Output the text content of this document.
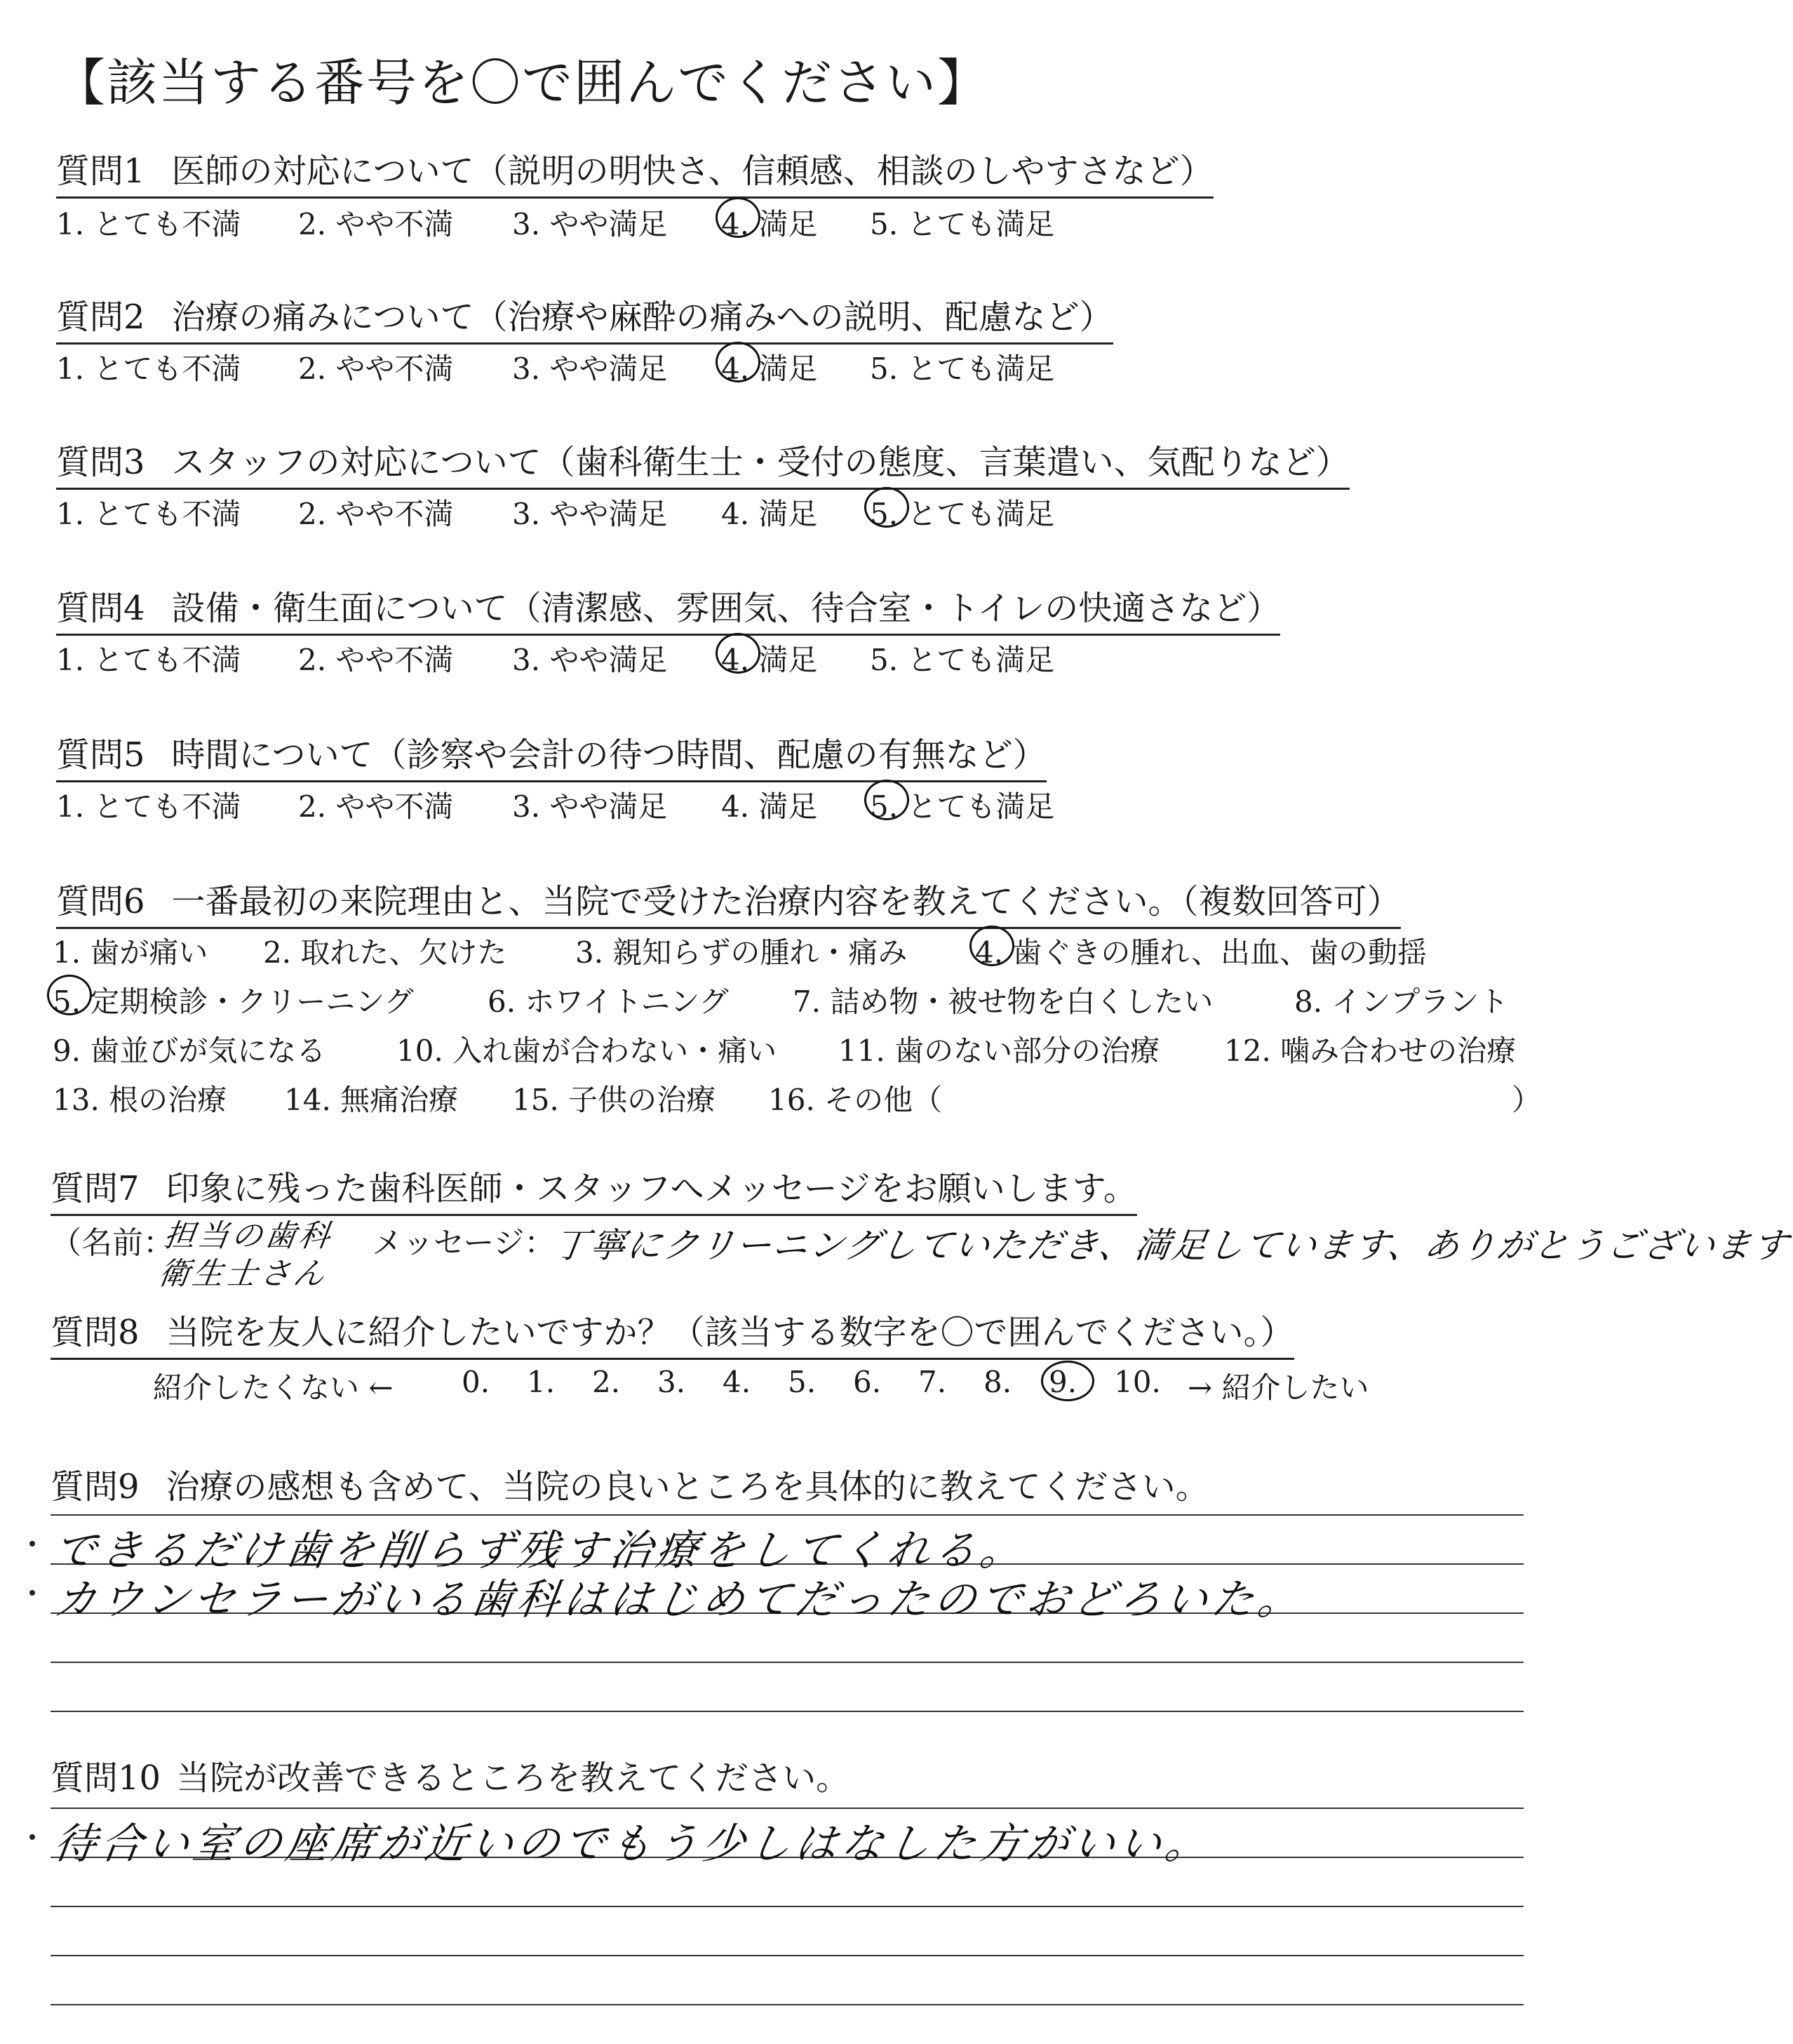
【該当する番号を〇で囲んでください】
質問1 医師の対応について（説明の明快さ、信頼感、相談のしやすさなど）
1. とても不満 2. やや不満 3. やや満足 4. 満足 5. とても満足
質問2 治療の痛みについて（治療や麻酔の痛みへの説明、配慮など）
1. とても不満 2. やや不満 3. やや満足 4. 満足 5. とても満足
質問3 スタッフの対応について（歯科衛生士・受付の態度、言葉遣い、気配りなど）
1. とても不満 2. やや不満 3. やや満足 4. 満足 5. とても満足
質問4 設備・衛生面について（清潔感、雰囲気、待合室・トイレの快適さなど）
1. とても不満 2. やや不満 3. やや満足 4. 満足 5. とても満足
質問5 時間について（診察や会計の待つ時間、配慮の有無など）
1. とても不満 2. やや不満 3. やや満足 4. 満足 5. とても満足
質問6 一番最初の来院理由と、当院で受けた治療内容を教えてください。（複数回答可）
1. 歯が痛い 2. 取れた、欠けた 3. 親知らずの腫れ・痛み 4. 歯ぐきの腫れ、出血、歯の動揺
5. 定期検診・クリーニング	6. ホワイトニング 7. 詰め物・被せ物を白くしたい	8. インプラント
9. 歯並びが気になる 10. 入れ歯が合わない・痛い 11. 歯のない部分の治療 12. 噛み合わせの治療
13. 根の治療 14. 無痛治療 15. 子供の治療 16. その他（	）
質問7 印象に残った歯科医師・スタッフへメッセージをお願いします。
（名前：
担当の歯科
衛生士さん
メッセージ：
丁寧にクリーニングしていただき、満足しています、ありがとうございます
質問8 当院を友人に紹介したいですか？（該当する数字を〇で囲んでください。）
紹介したくない ← 0. 1. 2. 3. 4. 5. 6. 7. 8. 9. 10. → 紹介したい
質問9 治療の感想も含めて、当院の良いところを具体的に教えてください。
できるだけ歯を削らず残す治療をしてくれる。
カウンセラーがいる歯科ははじめてだったのでおどろいた。
質問10 当院が改善できるところを教えてください。
待合い室の座席が近いのでもう少しはなした方がいい。
